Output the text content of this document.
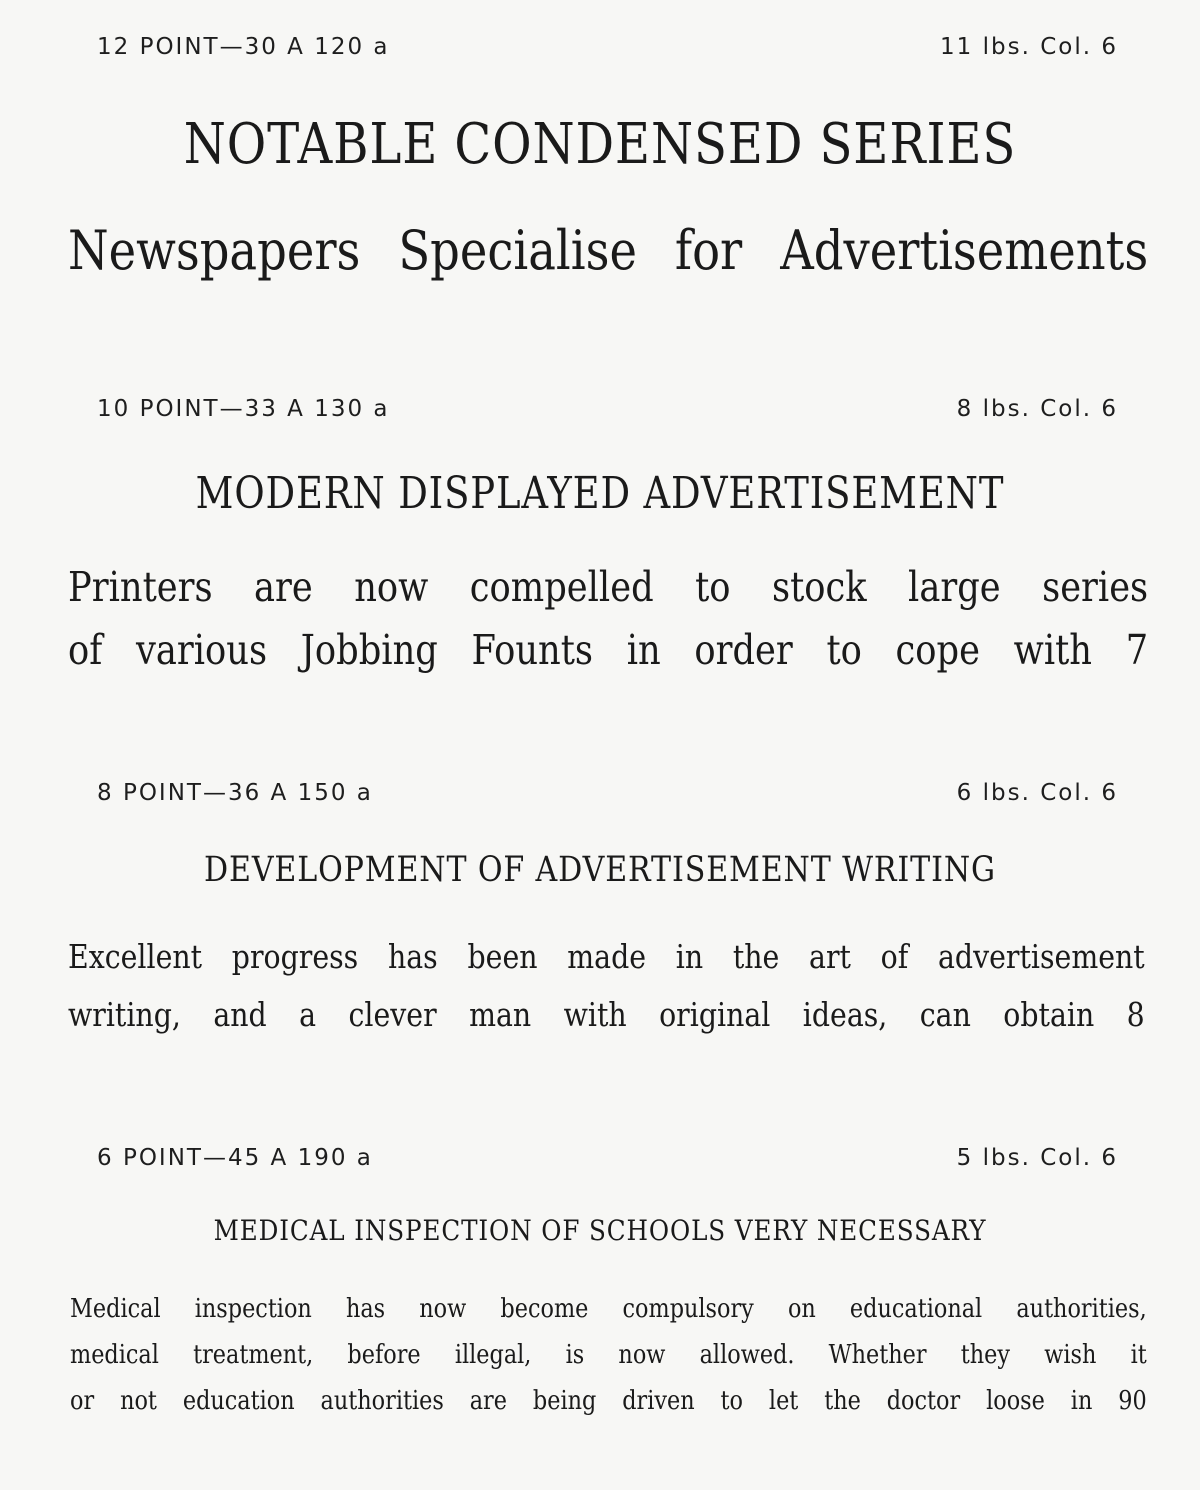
12 POINT—30 A 120 a	11 lbs. Col. 6
NOTABLE CONDENSED SERIES
Newspapers Specialise for Advertisements
10 POINT—33 A 130 a	8 lbs. Col. 6
MODERN DISPLAYED ADVERTISEMENT
Printers are now compelled to stock large series
of various Jobbing Founts in order to cope with 7
8 POINT—36 A 150 a	6 lbs. Col. 6
DEVELOPMENT OF ADVERTISEMENT WRITING
Excellent progress has been made in the art of advertisement
writing, and a clever man with original ideas, can obtain 8
6 POINT—45 A 190 a	5 lbs. Col. 6
MEDICAL INSPECTION OF SCHOOLS VERY NECESSARY
Medical inspection has now become compulsory on educational authorities,
medical treatment, before illegal, is now allowed. Whether they wish it
or not education authorities are being driven to let the doctor loose in 90
